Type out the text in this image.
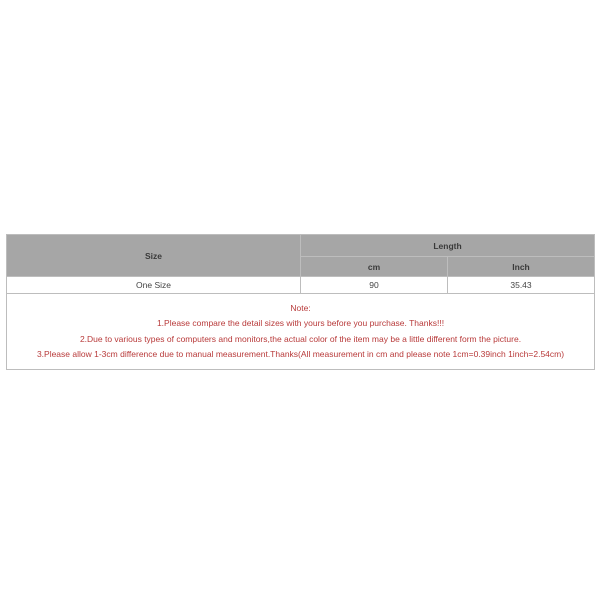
Size	Length	
	cm	Inch
One Size	90	35.43

Note:
1.Please compare the detail sizes with yours before you purchase. Thanks!!!
2.Due to various types of computers and monitors,the actual color of the item may be a little different form the picture.
3.Please allow 1-3cm difference due to manual measurement.Thanks(All measurement in cm and please note 1cm=0.39inch 1inch=2.54cm)		
